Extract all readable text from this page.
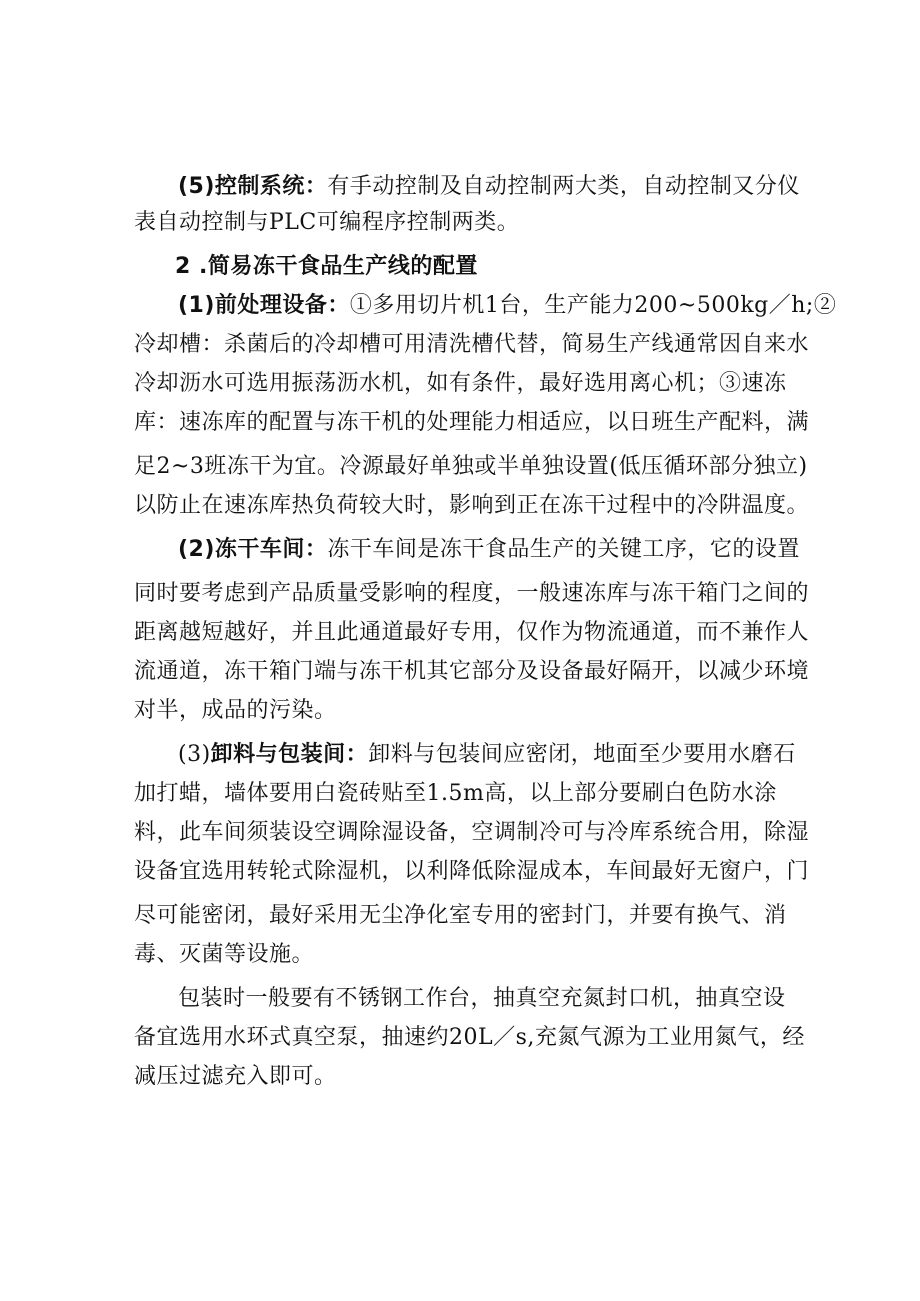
(5)控制系统：有手动控制及自动控制两大类，自动控制又分仪
表自动控制与PLC可编程序控制两类。
2 .简易冻干食品生产线的配置
(1)前处理设备：①多用切片机1台，生产能力200~500kg／h;②
冷却槽：杀菌后的冷却槽可用清洗槽代替，简易生产线通常因自来水
冷却沥水可选用振荡沥水机，如有条件，最好选用离心机；③速冻
库：速冻库的配置与冻干机的处理能力相适应，以日班生产配料，满
足2~3班冻干为宜。冷源最好单独或半单独设置(低压循环部分独立)
以防止在速冻库热负荷较大时，影响到正在冻干过程中的冷阱温度。
(2)冻干车间：冻干车间是冻干食品生产的关键工序，它的设置
同时要考虑到产品质量受影响的程度，一般速冻库与冻干箱门之间的
距离越短越好，并且此通道最好专用，仅作为物流通道，而不兼作人
流通道，冻干箱门端与冻干机其它部分及设备最好隔开，以减少环境
对半，成品的污染。
(3)卸料与包装间：卸料与包装间应密闭，地面至少要用水磨石
加打蜡，墙体要用白瓷砖贴至1.5m高，以上部分要刷白色防水涂
料，此车间须装设空调除湿设备，空调制冷可与冷库系统合用，除湿
设备宜选用转轮式除湿机，以利降低除湿成本，车间最好无窗户，门
尽可能密闭，最好采用无尘净化室专用的密封门，并要有换气、消
毒、灭菌等设施。
包装时一般要有不锈钢工作台，抽真空充氮封口机，抽真空设
备宜选用水环式真空泵，抽速约20L／s,充氮气源为工业用氮气，经
减压过滤充入即可。
